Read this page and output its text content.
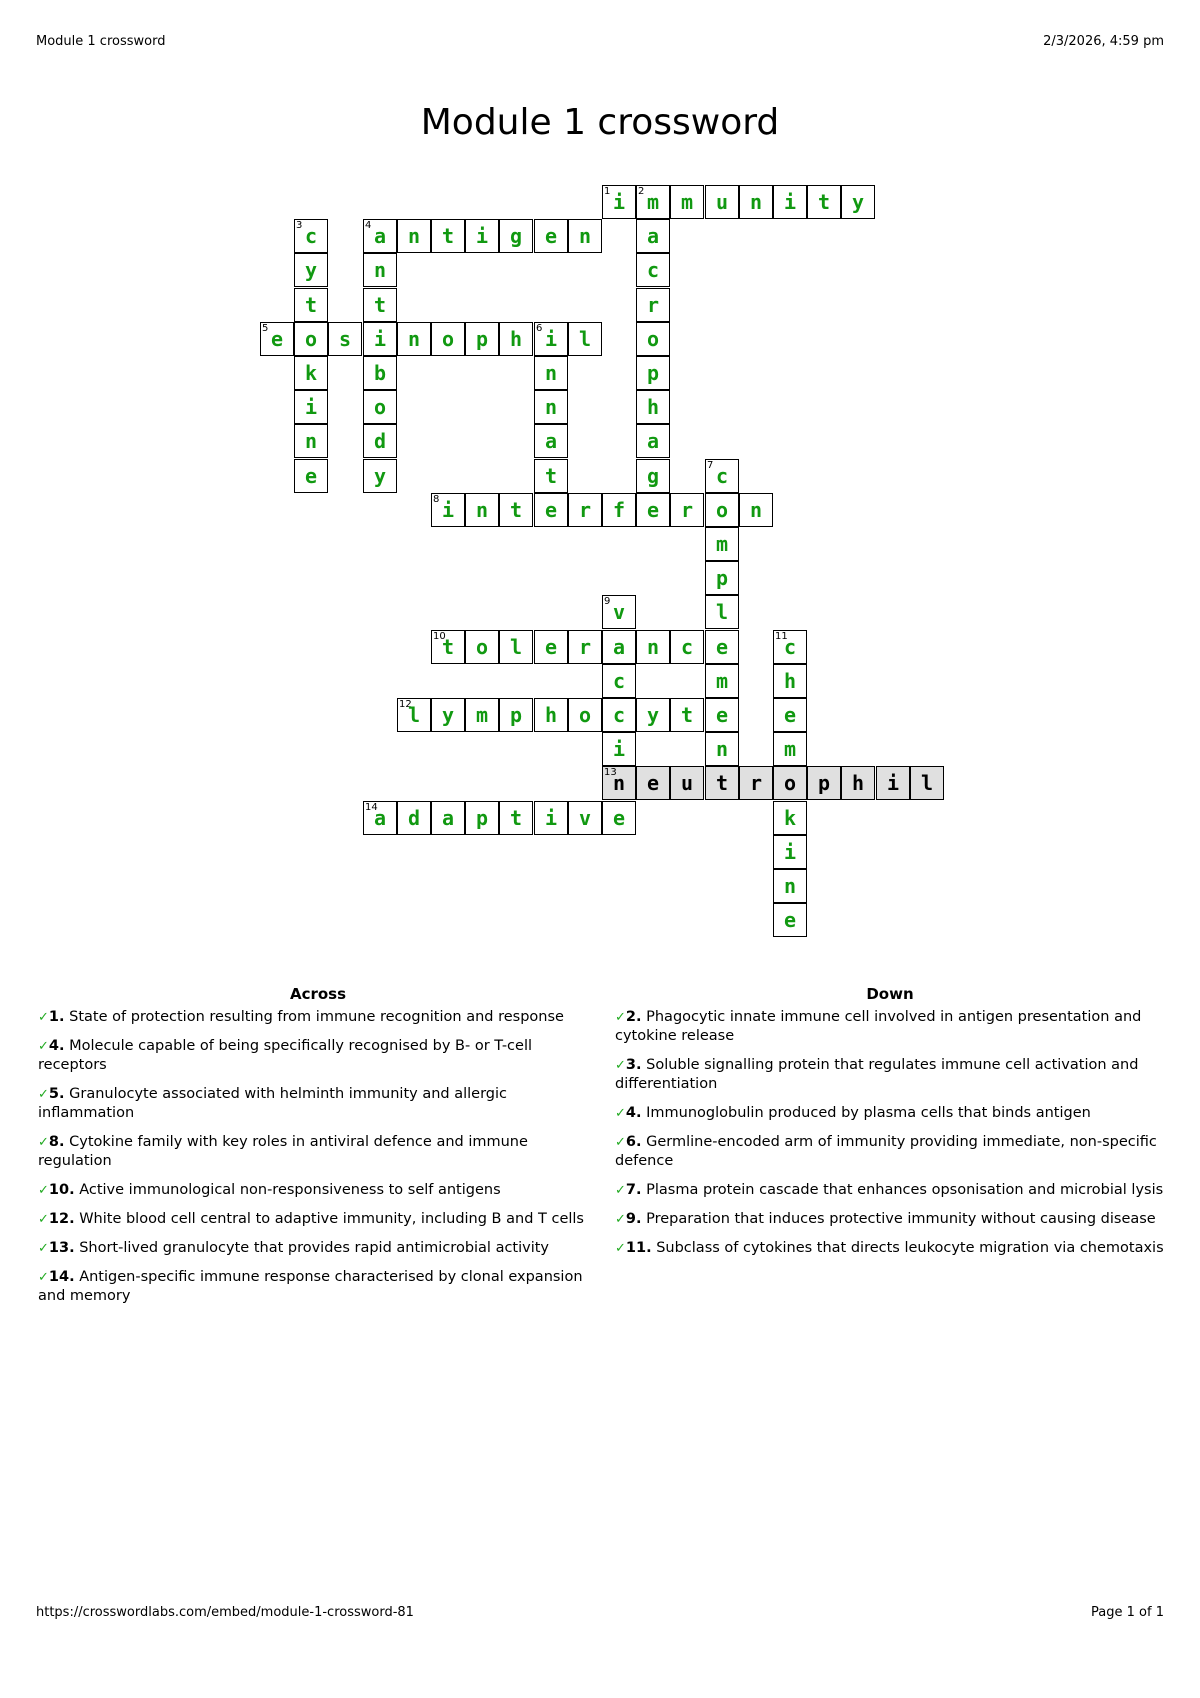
Module 1 crossword	2/3/2026, 4:59 pm
Module 1 crossword
1 i	2 m	m	u	n	i	t	y
a
c
r
o
p
h
a
g
e
3 c
y
t
o
k
i
n
e
4 a	n	t	i	g	e	n
n
t
i
b
o
d
y
5 e	s	n	o	p	h	6 i	l
n
n
a
t
e
7 c
o
m
p
l
e
m
e
n
t
8 i	n	t	r	f	r	n
9 v
a
c
c
i
13
n
e
10
t	o	l	e	r	n	c	11
c
h
e
m
o
k
i
n
e
12
l	y	m	p	h	o	y	t
e	u	r	p	h	i	l
14
a	d	a	p	t	i	v
Across
✓1. State of protection resulting from immune recognition and response
✓4. Molecule capable of being specifically recognised by B- or T-cell receptors
✓5. Granulocyte associated with helminth immunity and allergic inflammation
✓8. Cytokine family with key roles in antiviral defence and immune regulation
✓10. Active immunological non-responsiveness to self antigens
✓12. White blood cell central to adaptive immunity, including B and T cells
✓13. Short-lived granulocyte that provides rapid antimicrobial activity
✓14. Antigen-specific immune response characterised by clonal expansion and memory
Down
✓2. Phagocytic innate immune cell involved in antigen presentation and cytokine release
✓3. Soluble signalling protein that regulates immune cell activation and differentiation
✓4. Immunoglobulin produced by plasma cells that binds antigen
✓6. Germline-encoded arm of immunity providing immediate, non-specific defence
✓7. Plasma protein cascade that enhances opsonisation and microbial lysis
✓9. Preparation that induces protective immunity without causing disease
✓11. Subclass of cytokines that directs leukocyte migration via chemotaxis
https://crosswordlabs.com/embed/module-1-crossword-81	Page 1 of 1
